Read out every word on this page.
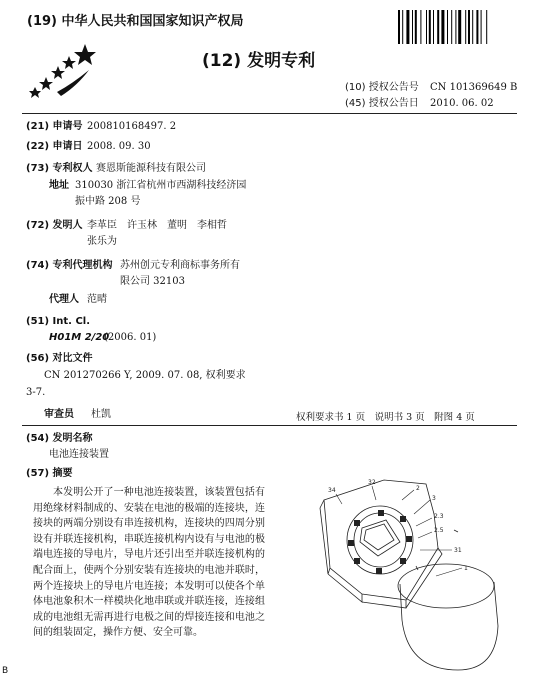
(19) 中华人民共和国国家知识产权局
(12) 发明专利
(10) 授权公告号 CN 101369649 B
(45) 授权公告日 2010. 06. 02
(21) 申请号 200810168497. 2
(22) 申请日 2008. 09. 30
(73) 专利权人 赛恩斯能源科技有限公司
地址 310030 浙江省杭州市西湖科技经济园
振中路 208 号
(72) 发明人 李革臣　许玉林　董明　李相哲
张乐为
(74) 专利代理机构 苏州创元专利商标事务所有
限公司 32103
代理人 范晴
(51) Int. Cl.
H01M 2/20
(2006. 01)
(56) 对比文件
CN 201270266 Y, 2009. 07. 08, 权利要求
3-7.
审查员 杜凯	权利要求书 1 页　说明书 3 页　附图 4 页
(54) 发明名称
电池连接装置
(57) 摘要

本发明公开了一种电池连接装置，该装置包括有用绝缘材料制成的、安装在电池的极端的连接块，连接块的两端分别设有串连接机构，连接块的四周分别设有并联连接机构，串联连接机构内设有与电池的极端电连接的导电片，导电片还引出至并联连接机构的配合面上，使两个分别安装有连接块的电池并联时，两个连接块上的导电片电连接；本发明可以使各个单体电池象积木一样模块化地串联或并联连接，连接组成的电池组无需再进行电极之间的焊接连接和电池之间的组装固定，操作方便、安全可靠。

34
32
2
3
2.3
2.5
31
1
B
